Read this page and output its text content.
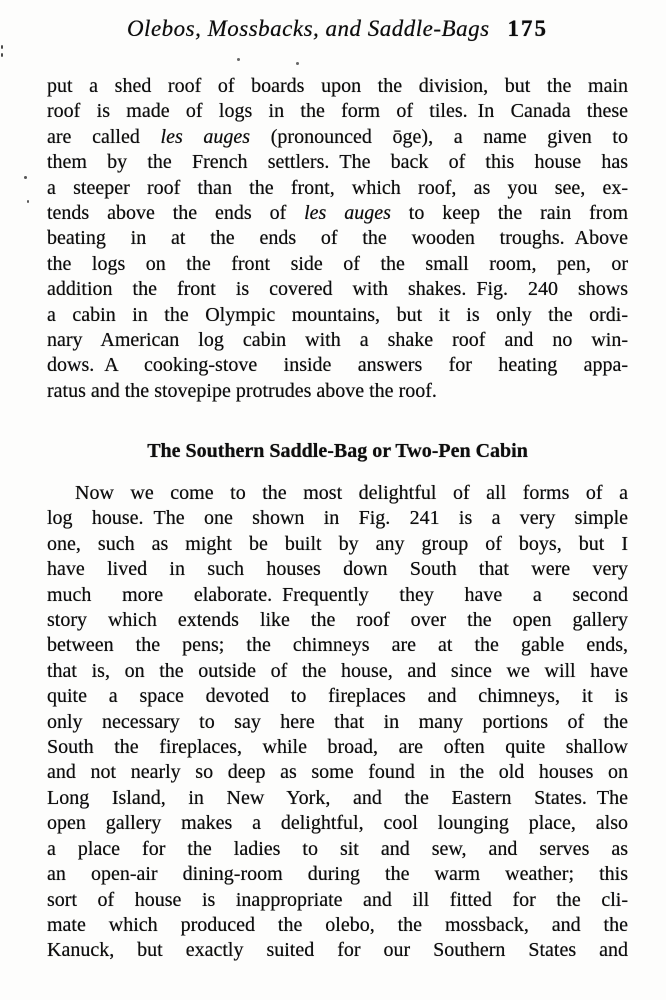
Olebos, Mossbacks, and Saddle-Bags 175
put a shed roof of boards upon the division, but the main
roof is made of logs in the form of tiles. In Canada these
are called les auges (pronounced ōge), a name given to
them by the French settlers. The back of this house has
a steeper roof than the front, which roof, as you see, ex-
tends above the ends of les auges to keep the rain from
beating in at the ends of the wooden troughs. Above
the logs on the front side of the small room, pen, or
addition the front is covered with shakes. Fig. 240 shows
a cabin in the Olympic mountains, but it is only the ordi-
nary American log cabin with a shake roof and no win-
dows. A cooking-stove inside answers for heating appa-
ratus and the stovepipe protrudes above the roof.
The Southern Saddle-Bag or Two-Pen Cabin
Now we come to the most delightful of all forms of a
log house. The one shown in Fig. 241 is a very simple
one, such as might be built by any group of boys, but I
have lived in such houses down South that were very
much more elaborate. Frequently they have a second
story which extends like the roof over the open gallery
between the pens; the chimneys are at the gable ends,
that is, on the outside of the house, and since we will have
quite a space devoted to fireplaces and chimneys, it is
only necessary to say here that in many portions of the
South the fireplaces, while broad, are often quite shallow
and not nearly so deep as some found in the old houses on
Long Island, in New York, and the Eastern States. The
open gallery makes a delightful, cool lounging place, also
a place for the ladies to sit and sew, and serves as
an open-air dining-room during the warm weather; this
sort of house is inappropriate and ill fitted for the cli-
mate which produced the olebo, the mossback, and the
Kanuck, but exactly suited for our Southern States and
